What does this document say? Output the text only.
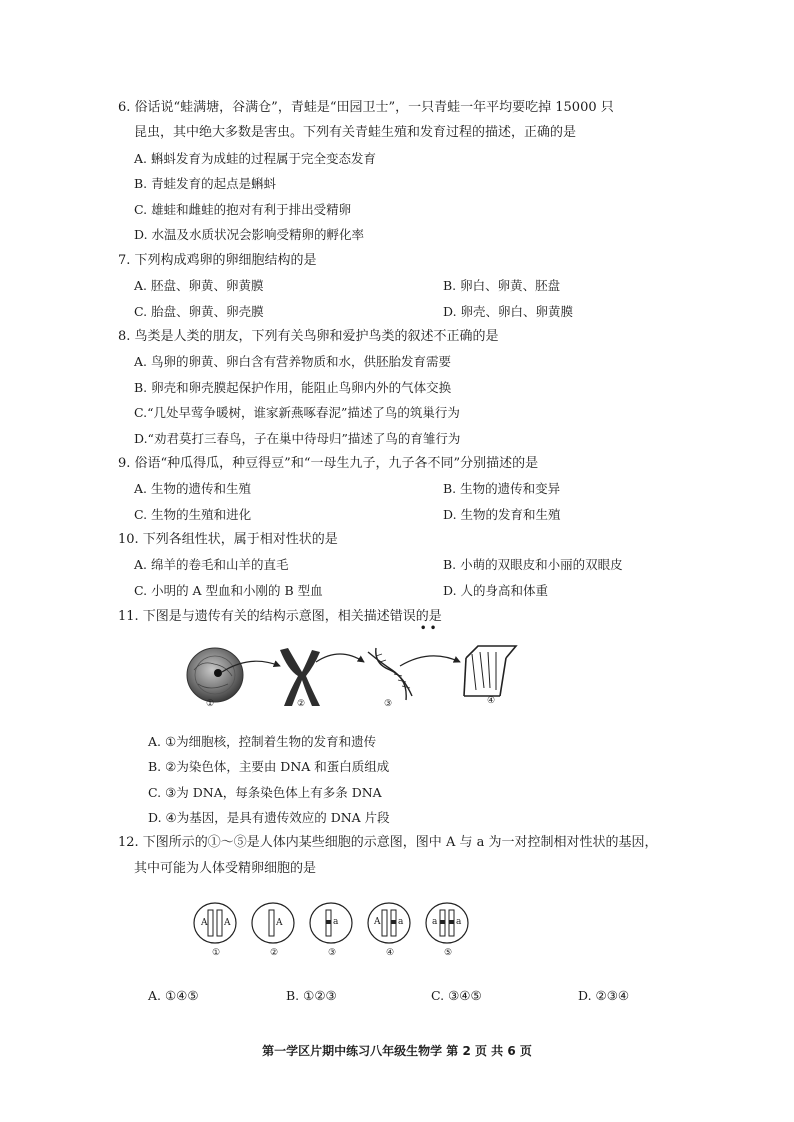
6. 俗话说“蛙满塘，谷满仓”，青蛙是“田园卫士”，一只青蛙一年平均要吃掉 15000 只
昆虫，其中绝大多数是害虫。下列有关青蛙生殖和发育过程的描述，正确的是
A. 蝌蚪发育为成蛙的过程属于完全变态发育
B. 青蛙发育的起点是蝌蚪
C. 雄蛙和雌蛙的抱对有利于排出受精卵
D. 水温及水质状况会影响受精卵的孵化率
7. 下列构成鸡卵的卵细胞结构的是
A. 胚盘、卵黄、卵黄膜	B. 卵白、卵黄、胚盘
C. 胎盘、卵黄、卵壳膜	D. 卵壳、卵白、卵黄膜
8. 鸟类是人类的朋友，下列有关鸟卵和爱护鸟类的叙述不正确的是
A. 鸟卵的卵黄、卵白含有营养物质和水，供胚胎发育需要
B. 卵壳和卵壳膜起保护作用，能阻止鸟卵内外的气体交换
C.“几处早莺争暖树，谁家新燕啄春泥”描述了鸟的筑巢行为
D.“劝君莫打三春鸟，子在巢中待母归”描述了鸟的育雏行为
9. 俗语“种瓜得瓜，种豆得豆”和“一母生九子，九子各不同”分别描述的是
A. 生物的遗传和生殖	B. 生物的遗传和变异
C. 生物的生殖和进化	D. 生物的发育和生殖
10. 下列各组性状，属于相对性状的是
A. 绵羊的卷毛和山羊的直毛	B. 小萌的双眼皮和小丽的双眼皮
C. 小明的 A 型血和小刚的 B 型血	D. 人的身高和体重
11. 下图是与遗传有关的结构示意图，相关描述错误的是
• •
①	②	③	④
A. ①为细胞核，控制着生物的发育和遗传
B. ②为染色体，主要由 DNA 和蛋白质组成
C. ③为 DNA，每条染色体上有多条 DNA
D. ④为基因，是具有遗传效应的 DNA 片段
12. 下图所示的①～⑤是人体内某些细胞的示意图，图中 A 与 a 为一对控制相对性状的基因，
其中可能为人体受精卵细胞的是
A A	A	a	A a	a a
①	②	③	④	⑤
A. ①④⑤	B. ①②③	C. ③④⑤	D. ②③④
第一学区片期中练习八年级生物学 第 2 页 共 6 页
